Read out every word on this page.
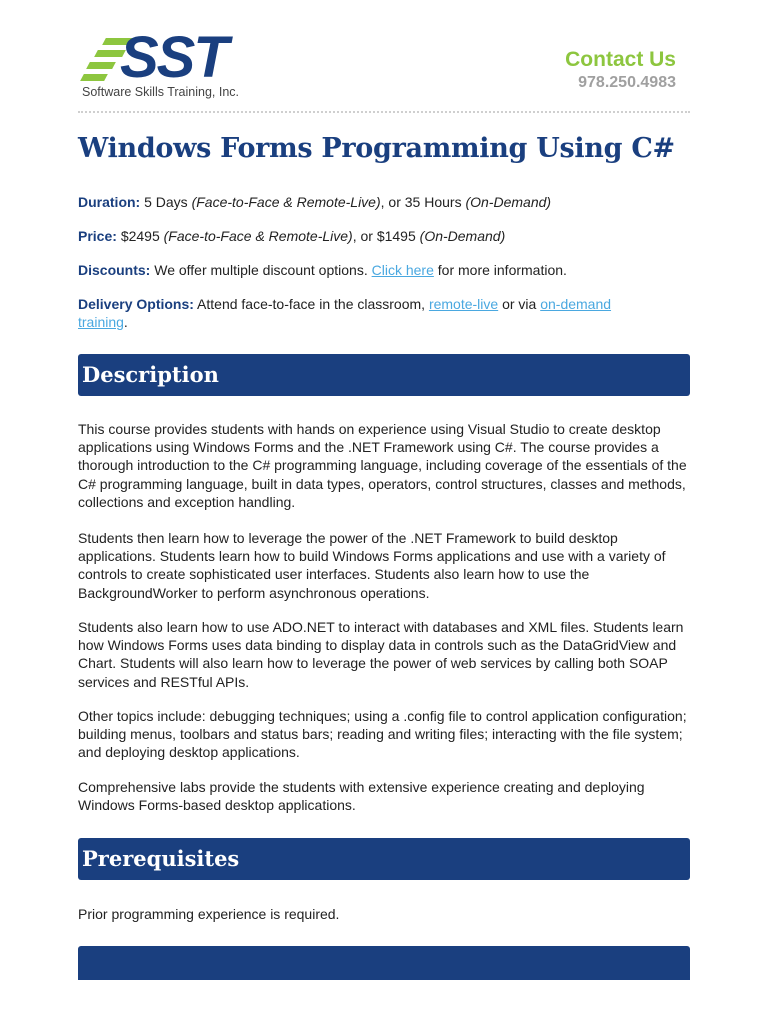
SST
Software Skills Training, Inc.
Contact Us
978.250.4983
Windows Forms Programming Using C#
Duration: 5 Days (Face-to-Face & Remote-Live), or 35 Hours (On-Demand)
Price: $2495 (Face-to-Face & Remote-Live), or $1495 (On-Demand)
Discounts: We offer multiple discount options. Click here for more information.
Delivery Options: Attend face-to-face in the classroom, remote-live or via on-demand
training.
Description

This course provides students with hands on experience using Visual Studio to create desktop applications using Windows Forms and the .NET Framework using C#. The course provides a thorough introduction to the C# programming language, including coverage of the essentials of the C# programming language, built in data types, operators, control structures, classes and methods, collections and exception handling.

Students then learn how to leverage the power of the .NET Framework to build desktop applications. Students learn how to build Windows Forms applications and use with a variety of controls to create sophisticated user interfaces. Students also learn how to use the BackgroundWorker to perform asynchronous operations.

Students also learn how to use ADO.NET to interact with databases and XML files. Students learn how Windows Forms uses data binding to display data in controls such as the DataGridView and Chart. Students will also learn how to leverage the power of web services by calling both SOAP services and RESTful APIs.

Other topics include: debugging techniques; using a .config file to control application configuration; building menus, toolbars and status bars; reading and writing files; interacting with the file system; and deploying desktop applications.

Comprehensive labs provide the students with extensive experience creating and deploying Windows Forms-based desktop applications.

Prerequisites

Prior programming experience is required.
